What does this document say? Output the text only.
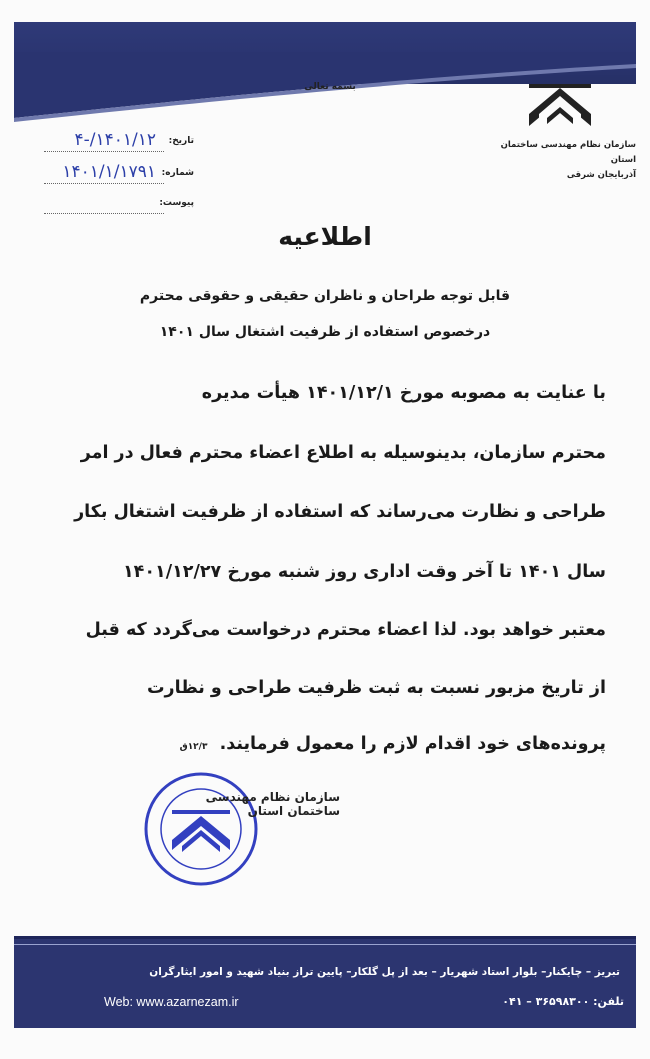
بسمه تعالی
سازمان نظام مهندسی ساختمان استان
آذربایجان شرقی
تاریخ:
۱۴۰۱/۱۲/-۴
شماره:
۱۴۰۱/۱/۱۷۹۱
پیوست:
اطلاعیه
قابل توجه طراحان و ناظران حقیقی و حقوقی محترم
درخصوص استفاده از ظرفیت اشتغال سال ۱۴۰۱
با عنایت به مصوبه مورخ ۱۴۰۱/۱۲/۱ هیأت مدیره
محترم سازمان، بدینوسیله به اطلاع اعضاء محترم فعال در امر
طراحی و نظارت می‌رساند که استفاده از ظرفیت اشتغال بکار
سال ۱۴۰۱ تا آخر وقت اداری روز شنبه مورخ ۱۴۰۱/۱۲/۲۷
معتبر خواهد بود. لذا اعضاء محترم درخواست می‌گردد که قبل
از تاریخ مزبور نسبت به ثبت ظرفیت طراحی و نظارت
پرونده‌های خود اقدام لازم را معمول فرمایند. ۱۲/۳ق
سازمان نظام مهندسی ساختمان استان
تبریز – چایکنار– بلوار استاد شهریار – بعد از پل گلکار– پایین تراز بنیاد شهید و امور ایثارگران
Web: www.azarnezam.ir	تلفن: ۳۶۵۹۸۳۰۰ – ۰۴۱
